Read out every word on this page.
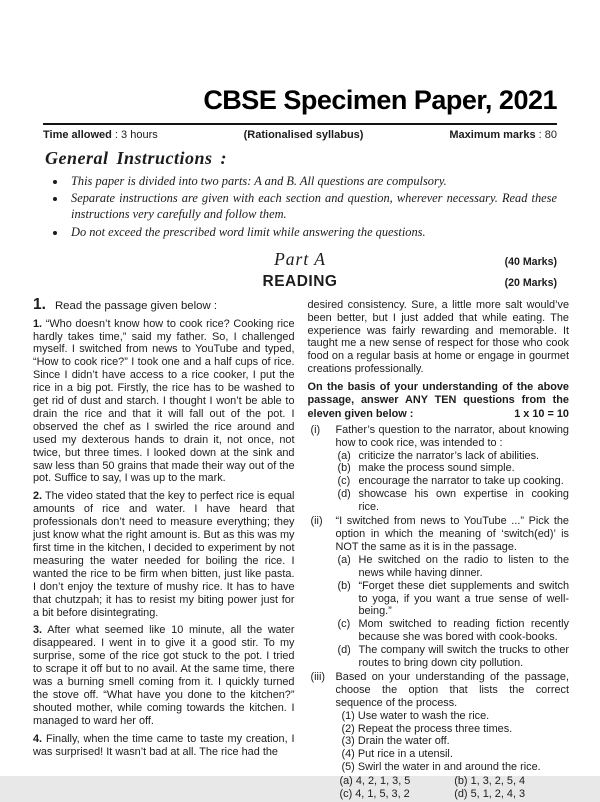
CBSE Specimen Paper, 2021
Time allowed : 3 hours	(Rationalised syllabus)	Maximum marks : 80
General Instructions :
• This paper is divided into two parts: A and B. All questions are compulsory.
• Separate instructions are given with each section and question, wherever necessary. Read these instructions very carefully and follow them.
• Do not exceed the prescribed word limit while answering the questions.
Part A	(40 Marks)
READING	(20 Marks)
1. Read the passage given below :

1. “Who doesn’t know how to cook rice? Cooking rice hardly takes time,” said my father. So, I challenged myself. I switched from news to YouTube and typed, “How to cook rice?” I took one and a half cups of rice. Since I didn’t have access to a rice cooker, I put the rice in a big pot. Firstly, the rice has to be washed to get rid of dust and starch. I thought I won’t be able to drain the rice and that it will fall out of the pot. I observed the chef as I swirled the rice around and used my dexterous hands to drain it, not once, not twice, but three times. I looked down at the sink and saw less than 50 grains that made their way out of the pot. Suffice to say, I was up to the mark.

2. The video stated that the key to perfect rice is equal amounts of rice and water. I have heard that professionals don’t need to measure everything; they just know what the right amount is. But as this was my first time in the kitchen, I decided to experiment by not measuring the water needed for boiling the rice. I wanted the rice to be firm when bitten, just like pasta. I don’t enjoy the texture of mushy rice. It has to have that chutzpah; it has to resist my biting power just for a bit before disintegrating.

3. After what seemed like 10 minute, all the water disappeared. I went in to give it a good stir. To my surprise, some of the rice got stuck to the pot. I tried to scrape it off but to no avail. At the same time, there was a burning smell coming from it. I quickly turned the stove off. “What have you done to the kitchen?” shouted mother, while coming towards the kitchen. I managed to ward her off.

4. Finally, when the time came to taste my creation, I was surprised! It wasn’t bad at all. The rice had the

desired consistency. Sure, a little more salt would’ve been better, but I just added that while eating. The experience was fairly rewarding and memorable. It taught me a new sense of respect for those who cook food on a regular basis at home or engage in gourmet creations professionally.

On the basis of your understanding of the above passage, answer ANY TEN questions from the eleven given below :	1 x 10 = 10
(i)	Father’s question to the narrator, about knowing how to cook rice, was intended to :

(a) criticize the narrator’s lack of abilities.
(b) make the process sound simple.
(c) encourage the narrator to take up cooking.
(d) showcase his own expertise in cooking rice.
(ii)	“I switched from news to YouTube ...” Pick the option in which the meaning of ‘switch(ed)’ is NOT the same as it is in the passage.

(a) He switched on the radio to listen to the news while having dinner.
(b) “Forget these diet supplements and switch to yoga, if you want a true sense of well-being.”
(c) Mom switched to reading fiction recently because she was bored with cook-books.
(d) The company will switch the trucks to other routes to bring down city pollution.
(iii) Based on your understanding of the passage, choose the option that lists the correct sequence of the process.

(1) Use water to wash the rice.
(2) Repeat the process three times.
(3) Drain the water off.
(4) Put rice in a utensil.
(5) Swirl the water in and around the rice.
(a) 4, 2, 1, 3, 5	(b) 1, 3, 2, 5, 4
(c) 4, 1, 5, 3, 2	(d) 5, 1, 2, 4, 3
